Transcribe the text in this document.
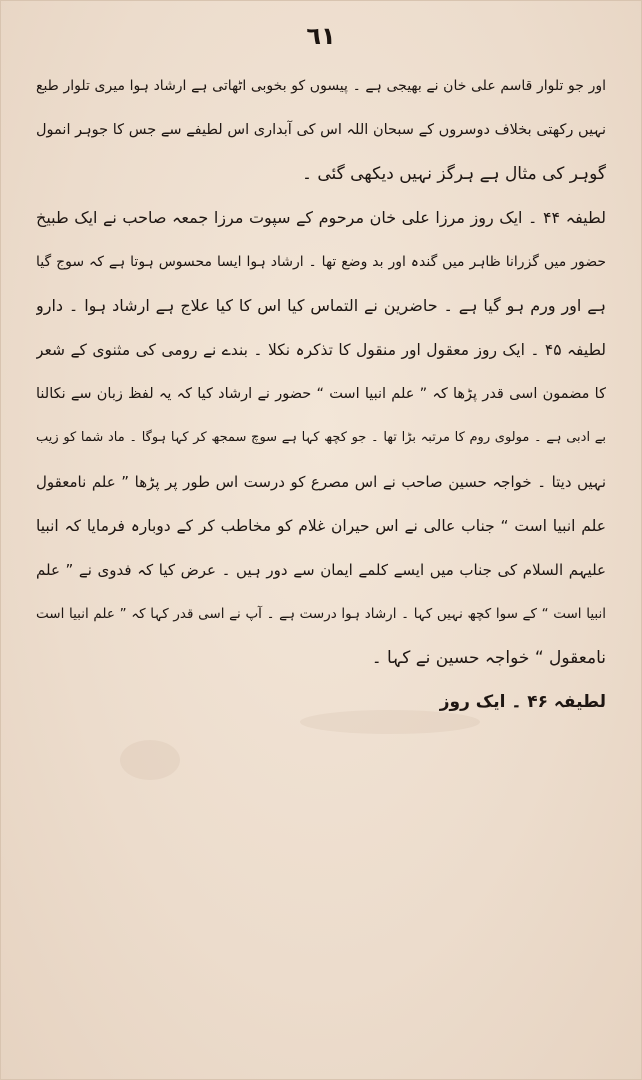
٦١
اور جو تلوار قاسم علی خان نے بھیجی ہے ۔ پیسوں کو بخوبی اٹھاتی ہے ارشاد ہوا میری تلوار طبع
نہیں رکھتی بخلاف دوسروں کے سبحان اللہ اس کی آبداری اس لطیفے سے جس کا جوہر انمول
گوہر کی مثال ہے ہرگز نہیں دیکھی گئی ۔
لطیفہ ۴۴ ۔ ایک روز مرزا علی خان مرحوم کے سپوت مرزا جمعہ صاحب نے ایک طبیخ
حضور میں گزرانا ظاہر میں گندہ اور بد وضع تھا ۔ ارشاد ہوا ایسا محسوس ہوتا ہے کہ سوج گیا
ہے اور ورم ہو گیا ہے ۔ حاضرین نے التماس کیا اس کا کیا علاج ہے ارشاد ہوا ۔ دارو
لطیفہ ۴۵ ۔ ایک روز معقول اور منقول کا تذکرہ نکلا ۔ بندے نے رومی کی مثنوی کے شعر
کا مضمون اسی قدر پڑھا کہ ” علم انبیا است “ حضور نے ارشاد کیا کہ یہ لفظ زبان سے نکالنا
بے ادبی ہے ۔ مولوی روم کا مرتبہ بڑا تھا ۔ جو کچھ کہا ہے سوچ سمجھ کر کہا ہوگا ۔ ماد شما کو زیب
نہیں دیتا ۔ خواجہ حسین صاحب نے اس مصرع کو درست اس طور پر پڑھا ” علم نامعقول
علم انبیا است “ جناب عالی نے اس حیران غلام کو مخاطب کر کے دوبارہ فرمایا کہ انبیا
علیہم السلام کی جناب میں ایسے کلمے ایمان سے دور ہیں ۔ عرض کیا کہ فدوی نے ” علم
انبیا است “ کے سوا کچھ نہیں کہا ۔ ارشاد ہوا درست ہے ۔ آپ نے اسی قدر کہا کہ ” علم انبیا است
نامعقول “ خواجہ حسین نے کہا ۔
لطیفہ ۴۶ ۔ ایک روز
